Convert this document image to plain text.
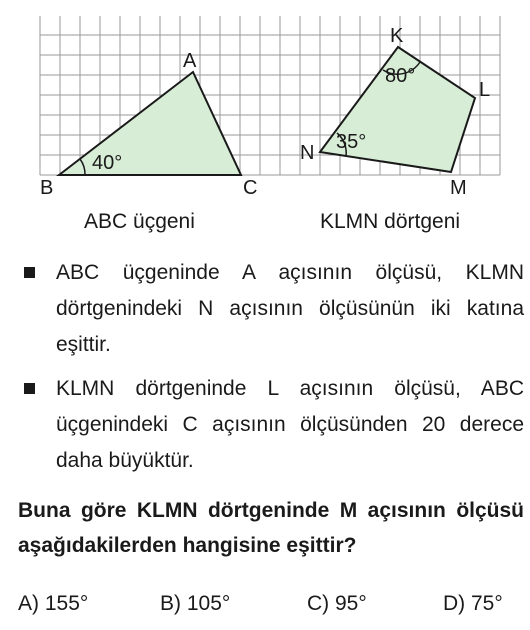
A
B	C
40°
K
L
M
N
80°
35°
ABC üçgeni	KLMN dörtgeni
ABC üçgeninde A açısının ölçüsü, KLMN dörtgenindeki N açısının ölçüsünün iki katına eşittir.
KLMN dörtgeninde L açısının ölçüsü, ABC üçgenindeki C açısının ölçüsünden 20 derece daha büyüktür.
Buna göre KLMN dörtgeninde M açısının ölçüsü aşağıdakilerden hangisine eşittir?
A) 155°	B) 105°	C) 95°	D) 75°
